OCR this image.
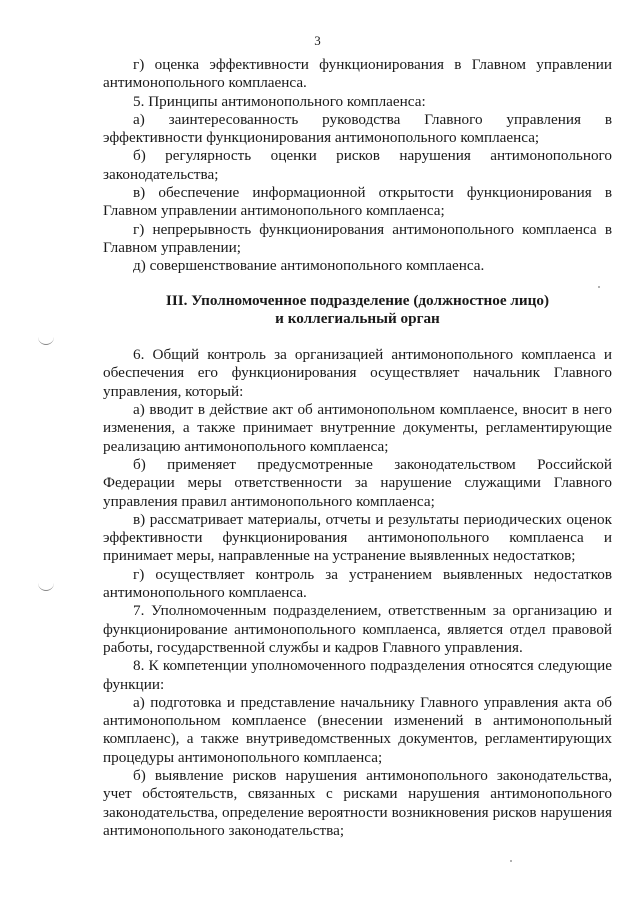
3

г) оценка эффективности функционирования в Главном управлении антимонопольного комплаенса.

5. Принципы антимонопольного комплаенса:

а) заинтересованность руководства Главного управления в эффективности функционирования антимонопольного комплаенса;

б) регулярность оценки рисков нарушения антимонопольного законодательства;

в) обеспечение информационной открытости функционирования в Главном управлении антимонопольного комплаенса;

г) непрерывность функционирования антимонопольного комплаенса в Главном управлении;

д) совершенствование антимонопольного комплаенса.

III. Уполномоченное подразделение (должностное лицо) и коллегиальный орган

6. Общий контроль за организацией антимонопольного комплаенса и обеспечения его функционирования осуществляет начальник Главного управления, который:

а) вводит в действие акт об антимонопольном комплаенсе, вносит в него изменения, а также принимает внутренние документы, регламентирующие реализацию антимонопольного комплаенса;

б) применяет предусмотренные законодательством Российской Федерации меры ответственности за нарушение служащими Главного управления правил антимонопольного комплаенса;

в) рассматривает материалы, отчеты и результаты периодических оценок эффективности функционирования антимонопольного комплаенса и принимает меры, направленные на устранение выявленных недостатков;

г) осуществляет контроль за устранением выявленных недостатков антимонопольного комплаенса.

7. Уполномоченным подразделением, ответственным за организацию и функционирование антимонопольного комплаенса, является отдел правовой работы, государственной службы и кадров Главного управления.

8. К компетенции уполномоченного подразделения относятся следующие функции:

а) подготовка и представление начальнику Главного управления акта об антимонопольном комплаенсе (внесении изменений в антимонопольный комплаенс), а также внутриведомственных документов, регламентирующих процедуры антимонопольного комплаенса;

б) выявление рисков нарушения антимонопольного законодательства, учет обстоятельств, связанных с рисками нарушения антимонопольного законодательства, определение вероятности возникновения рисков нарушения антимонопольного законодательства;
